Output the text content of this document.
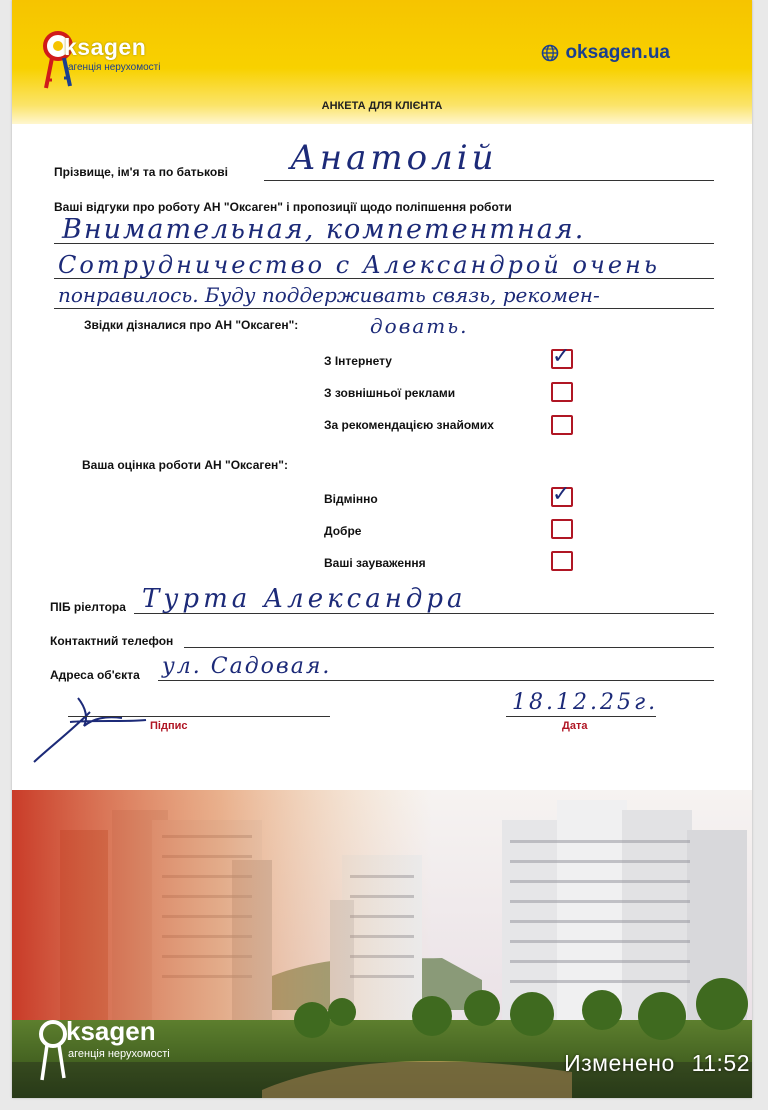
ksagen
агенція нерухомості
oksagen.ua
АНКЕТА ДЛЯ КЛІЄНТА
Прізвище, ім'я та по батькові Анатолій
Ваші відгуки про роботу АН "Оксаген" і пропозиції щодо поліпшення роботи
Внимательная, компетентная.
Сотрудничество с Александрой очень
понравилось. Буду поддерживать связь, рекомен-
довать.
Звідки дізналися про АН "Оксаген":
З Інтернету	✓
З зовнішньої реклами
За рекомендацією знайомих
Ваша оцінка роботи АН "Оксаген":
Відмінно	✓
Добре
Ваші зауваження
ПІБ ріелтора Турта Александра
Контактний телефон
Адреса об'єкта ул. Садовая.
Підпис
18.12.25г.
Дата
ksagen
агенція нерухомості	Изменено 11:52
